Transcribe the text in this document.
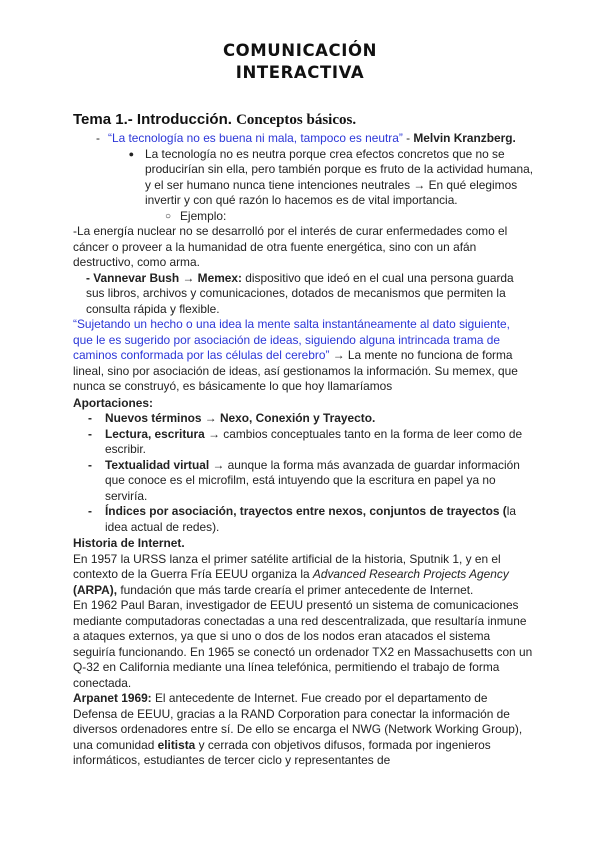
COMUNICACIÓN
INTERACTIVA

Tema 1.- Introducción. Conceptos básicos.

- “La tecnología no es buena ni mala, tampoco es neutra” - Melvin Kranzberg.
● La tecnología no es neutra porque crea efectos concretos que no se producirían sin ella, pero también porque es fruto de la actividad humana, y el ser humano nunca tiene intenciones neutrales → En qué elegimos invertir y con qué razón lo hacemos es de vital importancia.
○ Ejemplo:

-La energía nuclear no se desarrolló por el interés de curar enfermedades como el cáncer o proveer a la humanidad de otra fuente energética, sino con un afán destructivo, como arma.

- Vannevar Bush → Memex: dispositivo que ideó en el cual una persona guarda sus libros, archivos y comunicaciones, dotados de mecanismos que permiten la consulta rápida y flexible.

“Sujetando un hecho o una idea la mente salta instantáneamente al dato siguiente, que le es sugerido por asociación de ideas, siguiendo alguna intrincada trama de caminos conformada por las células del cerebro” → La mente no funciona de forma lineal, sino por asociación de ideas, así gestionamos la información. Su memex, que nunca se construyó, es básicamente lo que hoy llamaríamos

Aportaciones:

-	Nuevos términos → Nexo, Conexión y Trayecto.
-	Lectura, escritura → cambios conceptuales tanto en la forma de leer como de escribir.
-	Textualidad virtual → aunque la forma más avanzada de guardar información que conoce es el microfilm, está intuyendo que la escritura en papel ya no serviría.
-	Índices por asociación, trayectos entre nexos, conjuntos de trayectos (la idea actual de redes).

Historia de Internet.

En 1957 la URSS lanza el primer satélite artificial de la historia, Sputnik 1, y en el contexto de la Guerra Fría EEUU organiza la Advanced Research Projects Agency (ARPA), fundación que más tarde crearía el primer antecedente de Internet.

En 1962 Paul Baran, investigador de EEUU presentó un sistema de comunicaciones mediante computadoras conectadas a una red descentralizada, que resultaría inmune a ataques externos, ya que si uno o dos de los nodos eran atacados el sistema seguiría funcionando. En 1965 se conectó un ordenador TX2 en Massachusetts con un Q-32 en California mediante una línea telefónica, permitiendo el trabajo de forma conectada.

Arpanet 1969: El antecedente de Internet. Fue creado por el departamento de Defensa de EEUU, gracias a la RAND Corporation para conectar la información de diversos ordenadores entre sí. De ello se encarga el NWG (Network Working Group), una comunidad elitista y cerrada con objetivos difusos, formada por ingenieros informáticos, estudiantes de tercer ciclo y representantes de
